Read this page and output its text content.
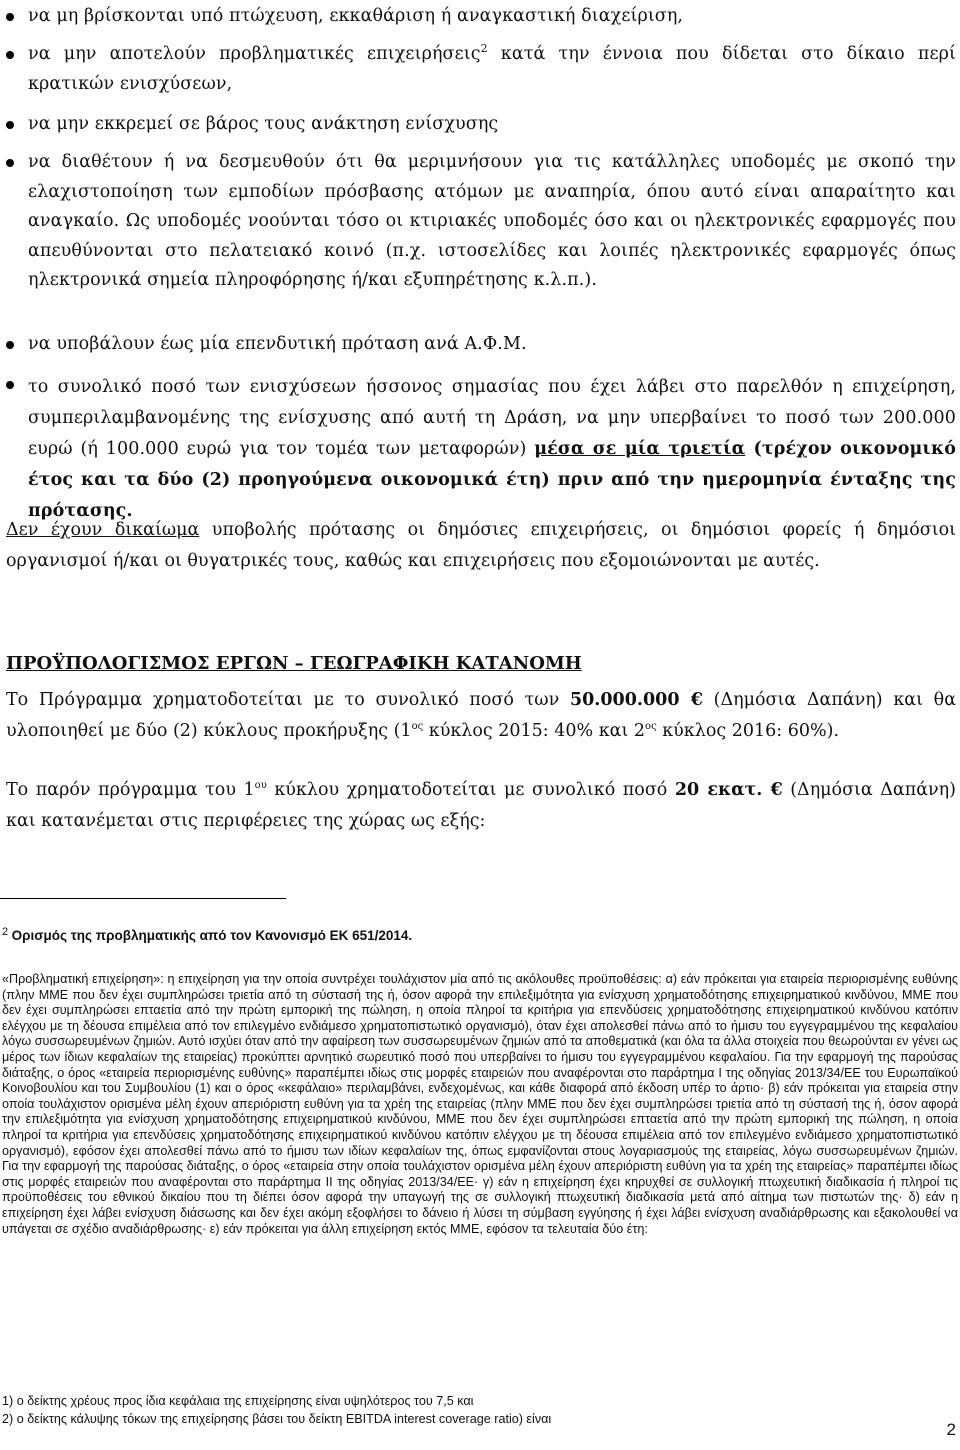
να μη βρίσκονται υπό πτώχευση, εκκαθάριση ή αναγκαστική διαχείριση,
να μην αποτελούν προβληματικές επιχειρήσεις$^2$ κατά την έννοια που δίδεται στο δίκαιο περί κρατικών ενισχύσεων,
να μην εκκρεμεί σε βάρος τους ανάκτηση ενίσχυσης
να διαθέτουν ή να δεσμευθούν ότι θα μεριμνήσουν για τις κατάλληλες υποδομές με σκοπό την ελαχιστοποίηση των εμποδίων πρόσβασης ατόμων με αναπηρία, όπου αυτό είναι απαραίτητο και αναγκαίο. Ως υποδομές νοούνται τόσο οι κτιριακές υποδομές όσο και οι ηλεκτρονικές εφαρμογές που απευθύνονται στο πελατειακό κοινό (π.χ. ιστοσελίδες και λοιπές ηλεκτρονικές εφαρμογές όπως ηλεκτρονικά σημεία πληροφόρησης ή/και εξυπηρέτησης κ.λ.π.).
να υποβάλουν έως μία επενδυτική πρόταση ανά Α.Φ.Μ.
το συνολικό ποσό των ενισχύσεων ήσσονος σημασίας που έχει λάβει στο παρελθόν η επιχείρηση, συμπεριλαμβανομένης της ενίσχυσης από αυτή τη Δράση, να μην υπερβαίνει το ποσό των 200.000 ευρώ (ή 100.000 ευρώ για τον τομέα των μεταφορών) μέσα σε μία τριετία (τρέχον οικονομικό έτος και τα δύο (2) προηγούμενα οικονομικά έτη) πριν από την ημερομηνία ένταξης της πρότασης.
Δεν έχουν δικαίωμα υποβολής πρότασης οι δημόσιες επιχειρήσεις, οι δημόσιοι φορείς ή δημόσιοι οργανισμοί ή/και οι θυγατρικές τους, καθώς και επιχειρήσεις που εξομοιώνονται με αυτές.
ΠΡΟΫΠΟΛΟΓΙΣΜΟΣ ΕΡΓΩΝ – ΓΕΩΓΡΑΦΙΚΗ ΚΑΤΑΝΟΜΗ
Το Πρόγραμμα χρηματοδοτείται με το συνολικό ποσό των 50.000.000 € (Δημόσια Δαπάνη) και θα υλοποιηθεί με δύο (2) κύκλους προκήρυξης ($1^{o\varsigma}$ κύκλος 2015: 40% και $2^{o\varsigma}$ κύκλος 2016: 60%).
Το παρόν πρόγραμμα του $1^{o\upsilon}$ κύκλου χρηματοδοτείται με συνολικό ποσό 20 εκατ. € (Δημόσια Δαπάνη) και κατανέμεται στις περιφέρειες της χώρας ως εξής:
2 Ορισμός της προβληματικής από τον Κανονισμό ΕΚ 651/2014.
«Προβληματική επιχείρηση»: η επιχείρηση για την οποία συντρέχει τουλάχιστον μία από τις ακόλουθες προϋποθέσεις: α) εάν πρόκειται για εταιρεία περιορισμένης ευθύνης (πλην ΜΜΕ που δεν έχει συμπληρώσει τριετία από τη σύστασή της ή, όσον αφορά την επιλεξιμότητα για ενίσχυση χρηματοδότησης επιχειρηματικού κινδύνου, ΜΜΕ που δεν έχει συμπληρώσει επταετία από την πρώτη εμπορική της πώληση, η οποία πληροί τα κριτήρια για επενδύσεις χρηματοδότησης επιχειρηματικού κινδύνου κατόπιν ελέγχου με τη δέουσα επιμέλεια από τον επιλεγμένο ενδιάμεσο χρηματοπιστωτικό οργανισμό), όταν έχει απολεσθεί πάνω από το ήμισυ του εγγεγραμμένου της κεφαλαίου λόγω συσσωρευμένων ζημιών. Αυτό ισχύει όταν από την αφαίρεση των συσσωρευμένων ζημιών από τα αποθεματικά (και όλα τα άλλα στοιχεία που θεωρούνται εν γένει ως μέρος των ίδιων κεφαλαίων της εταιρείας) προκύπτει αρνητικό σωρευτικό ποσό που υπερβαίνει το ήμισυ του εγγεγραμμένου κεφαλαίου. Για την εφαρμογή της παρούσας διάταξης, ο όρος «εταιρεία περιορισμένης ευθύνης» παραπέμπει ιδίως στις μορφές εταιρειών που αναφέρονται στο παράρτημα I της οδηγίας 2013/34/ΕΕ του Ευρωπαϊκού Κοινοβουλίου και του Συμβουλίου (1) και ο όρος «κεφάλαιο» περιλαμβάνει, ενδεχομένως, και κάθε διαφορά από έκδοση υπέρ το άρτιο· β) εάν πρόκειται για εταιρεία στην οποία τουλάχιστον ορισμένα μέλη έχουν απεριόριστη ευθύνη για τα χρέη της εταιρείας (πλην ΜΜΕ που δεν έχει συμπληρώσει τριετία από τη σύστασή της ή, όσον αφορά την επιλεξιμότητα για ενίσχυση χρηματοδότησης επιχειρηματικού κινδύνου, ΜΜΕ που δεν έχει συμπληρώσει επταετία από την πρώτη εμπορική της πώληση, η οποία πληροί τα κριτήρια για επενδύσεις χρηματοδότησης επιχειρηματικού κινδύνου κατόπιν ελέγχου με τη δέουσα επιμέλεια από τον επιλεγμένο ενδιάμεσο χρηματοπιστωτικό οργανισμό), εφόσον έχει απολεσθεί πάνω από το ήμισυ των ιδίων κεφαλαίων της, όπως εμφανίζονται στους λογαριασμούς της εταιρείας, λόγω συσσωρευμένων ζημιών. Για την εφαρμογή της παρούσας διάταξης, ο όρος «εταιρεία στην οποία τουλάχιστον ορισμένα μέλη έχουν απεριόριστη ευθύνη για τα χρέη της εταιρείας» παραπέμπει ιδίως στις μορφές εταιρειών που αναφέρονται στο παράρτημα II της οδηγίας 2013/34/ΕΕ· γ) εάν η επιχείρηση έχει κηρυχθεί σε συλλογική πτωχευτική διαδικασία ή πληροί τις προϋποθέσεις του εθνικού δικαίου που τη διέπει όσον αφορά την υπαγωγή της σε συλλογική πτωχευτική διαδικασία μετά από αίτημα των πιστωτών της· δ) εάν η επιχείρηση έχει λάβει ενίσχυση διάσωσης και δεν έχει ακόμη εξοφλήσει το δάνειο ή λύσει τη σύμβαση εγγύησης ή έχει λάβει ενίσχυση αναδιάρθρωσης και εξακολουθεί να υπάγεται σε σχέδιο αναδιάρθρωσης· ε) εάν πρόκειται για άλλη επιχείρηση εκτός ΜΜΕ, εφόσον τα τελευταία δύο έτη:
1) ο δείκτης χρέους προς ίδια κεφάλαια της επιχείρησης είναι υψηλότερος του 7,5 και
2) ο δείκτης κάλυψης τόκων της επιχείρησης βάσει του δείκτη EBITDA interest coverage ratio) είναι
2
